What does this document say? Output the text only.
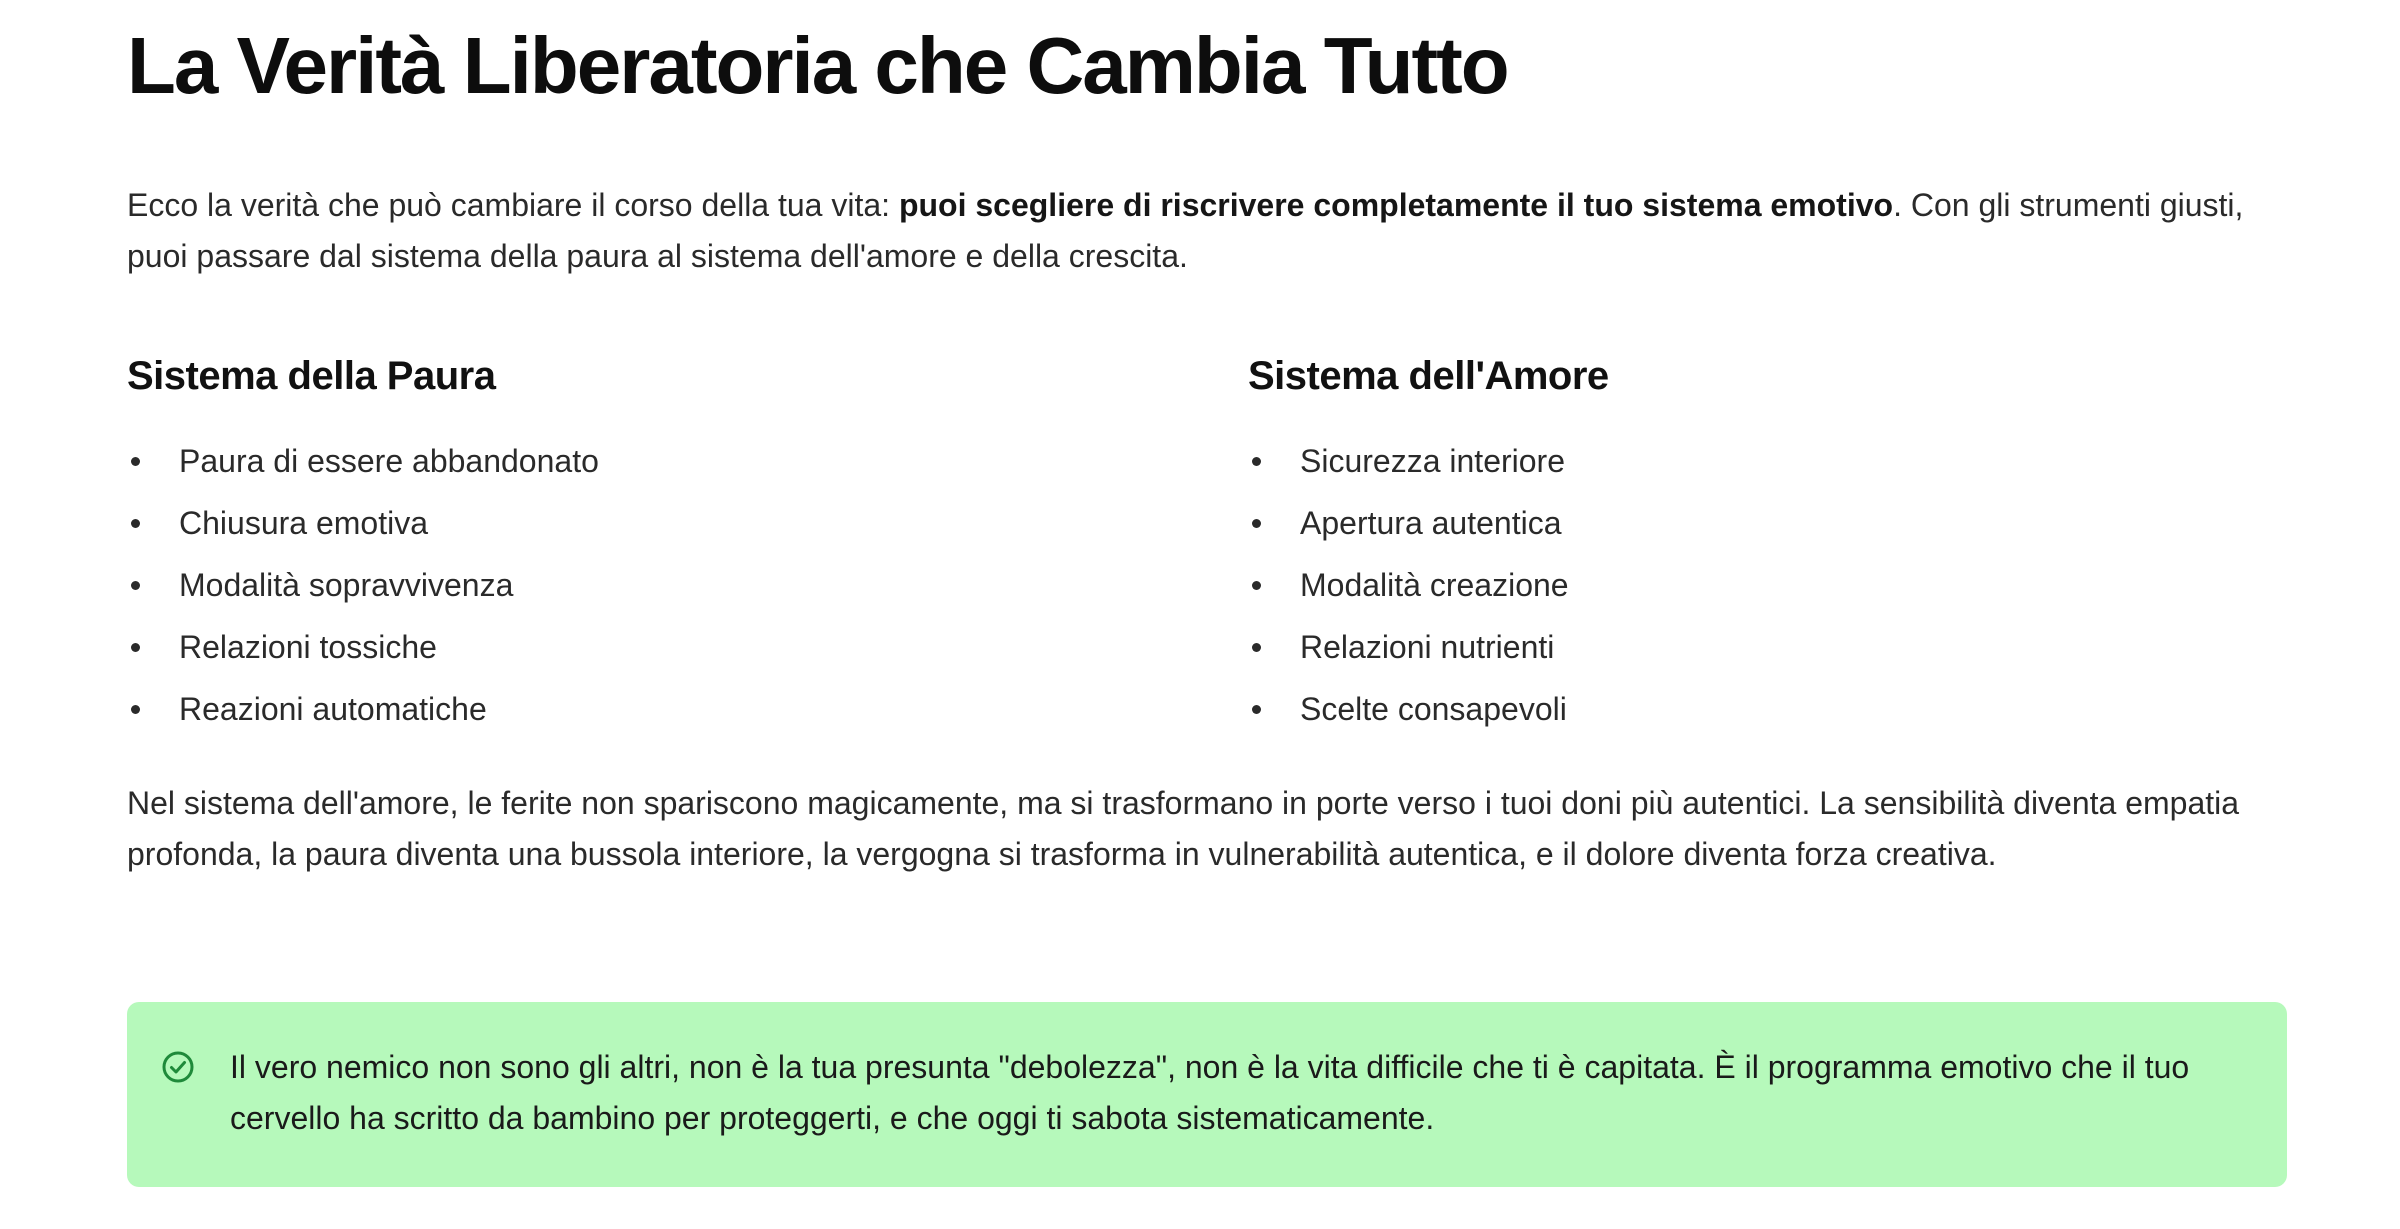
La Verità Liberatoria che Cambia Tutto

Ecco la verità che può cambiare il corso della tua vita: puoi scegliere di riscrivere completamente il tuo sistema emotivo. Con gli strumenti giusti, puoi passare dal sistema della paura al sistema dell'amore e della crescita.

Sistema della Paura
Paura di essere abbandonato
Chiusura emotiva
Modalità sopravvivenza
Relazioni tossiche
Reazioni automatiche
Sistema dell'Amore
Sicurezza interiore
Apertura autentica
Modalità creazione
Relazioni nutrienti
Scelte consapevoli

Nel sistema dell'amore, le ferite non spariscono magicamente, ma si trasformano in porte verso i tuoi doni più autentici. La sensibilità diventa empatia profonda, la paura diventa una bussola interiore, la vergogna si trasforma in vulnerabilità autentica, e il dolore diventa forza creativa.

Il vero nemico non sono gli altri, non è la tua presunta "debolezza", non è la vita difficile che ti è capitata. È il programma emotivo che il tuo cervello ha scritto da bambino per proteggerti, e che oggi ti sabota sistematicamente.
